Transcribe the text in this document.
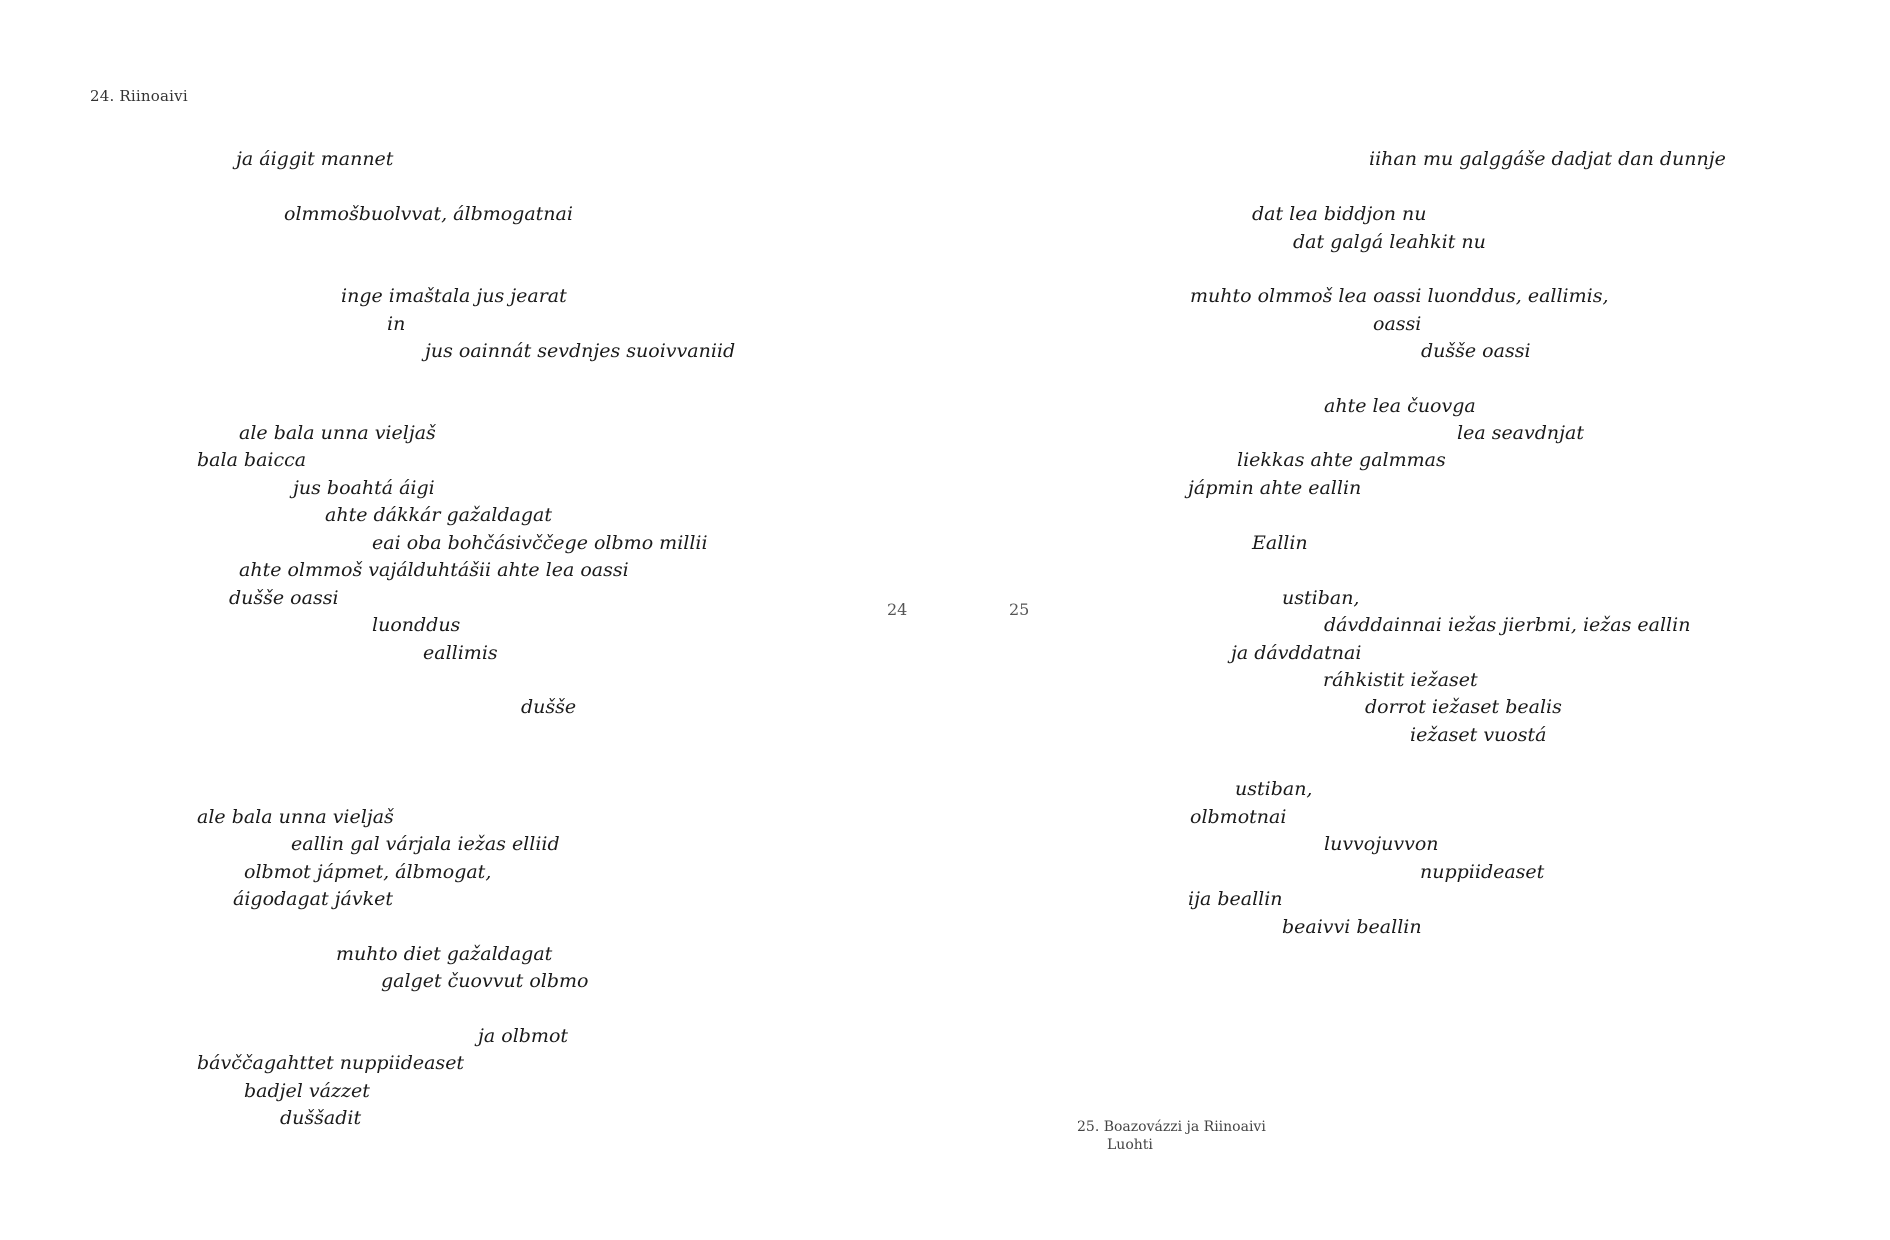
24. Riinoaivi
ja áiggit mannet
olmmošbuolvvat, álbmogatnai
inge imaštala jus jearat
in
jus oainnát sevdnjes suoivvaniid
ale bala unna vieljaš
bala baicca
jus boahtá áigi
ahte dákkár gažaldagat
eai oba bohčásivččege olbmo millii
ahte olmmoš vajálduhtášii ahte lea oassi
dušše oassi
luonddus
eallimis
dušše
ale bala unna vieljaš
eallin gal várjala iežas elliid
olbmot jápmet, álbmogat,
áigodagat jávket
muhto diet gažaldagat
galget čuovvut olbmo
ja olbmot
bávččagahttet nuppiideaset
badjel vázzet
duššadit
24	25
iihan mu galggáše dadjat dan dunnje
dat lea biddjon nu
dat galgá leahkit nu
muhto olmmoš lea oassi luonddus, eallimis,
oassi
dušše oassi
ahte lea čuovga
lea seavdnjat
liekkas ahte galmmas
jápmin ahte eallin
Eallin
ustiban,
dávddainnai iežas jierbmi, iežas eallin
ja dávddatnai
ráhkistit iežaset
dorrot iežaset bealis
iežaset vuostá
ustiban,
olbmotnai
luvvojuvvon
nuppiideaset
ija beallin
beaivvi beallin
25. Boazovázzi ja Riinoaivi
Luohti
